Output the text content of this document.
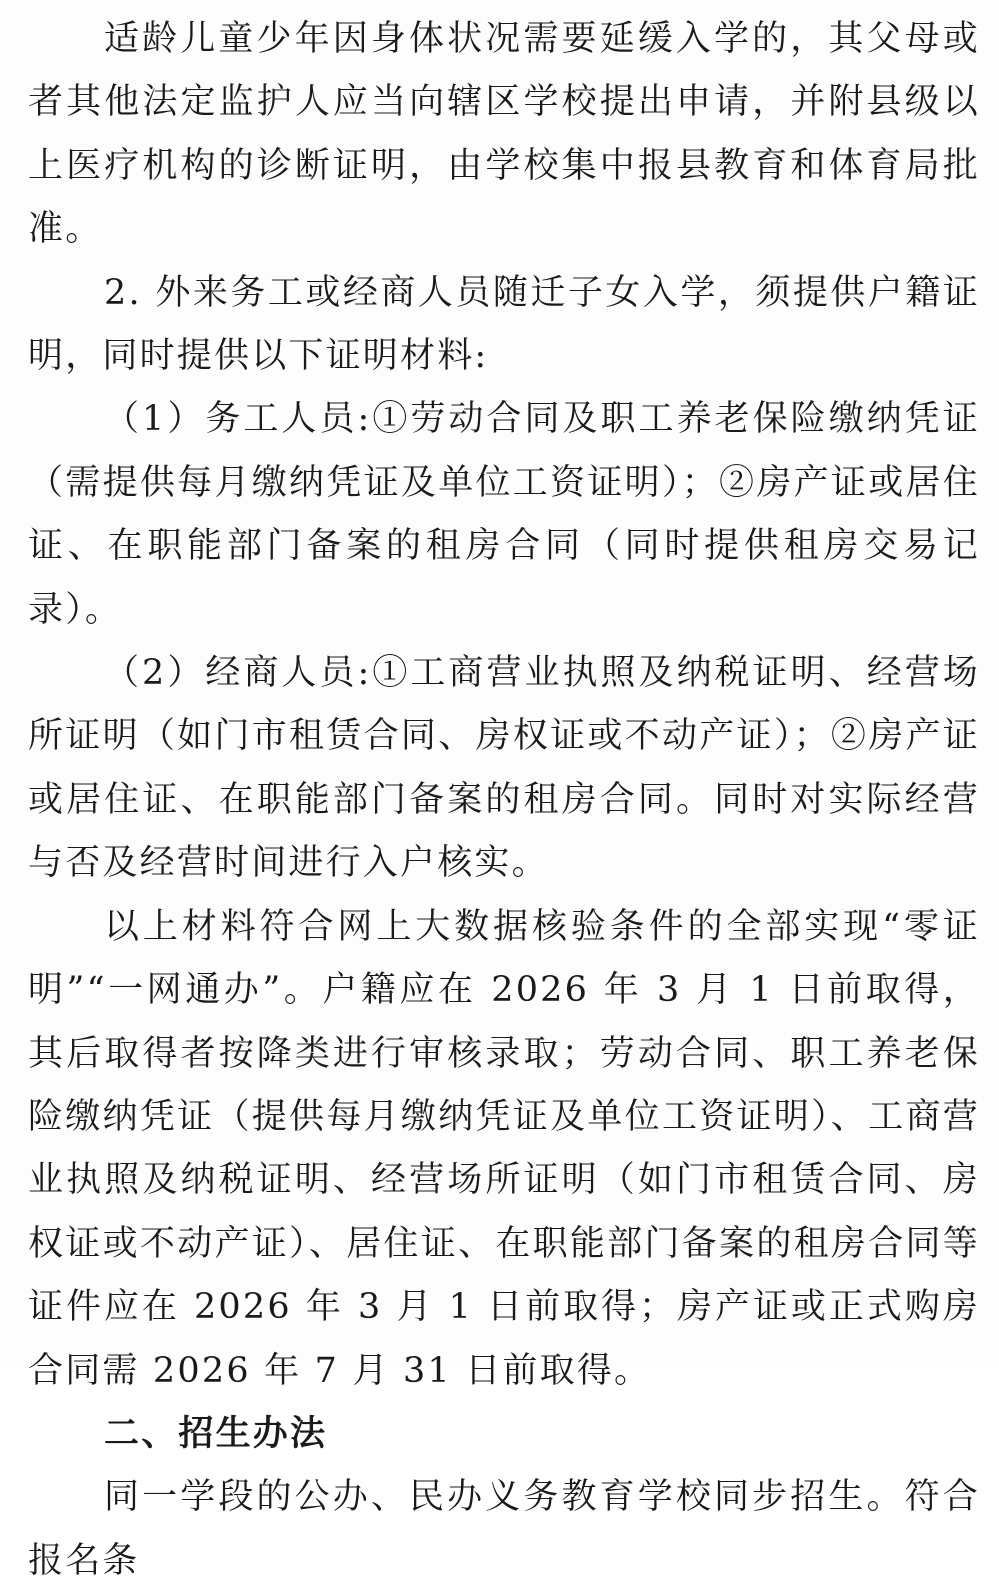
适龄儿童少年因身体状况需要延缓入学的，其父母或者其他法定监护人应当向辖区学校提出申请，并附县级以上医疗机构的诊断证明，由学校集中报县教育和体育局批准。

2. 外来务工或经商人员随迁子女入学，须提供户籍证明，同时提供以下证明材料:

（1）务工人员:①劳动合同及职工养老保险缴纳凭证（需提供每月缴纳凭证及单位工资证明）；②房产证或居住证、在职能部门备案的租房合同（同时提供租房交易记录）。

（2）经商人员:①工商营业执照及纳税证明、经营场所证明（如门市租赁合同、房权证或不动产证）；②房产证或居住证、在职能部门备案的租房合同。同时对实际经营与否及经营时间进行入户核实。

以上材料符合网上大数据核验条件的全部实现“零证明”“一网通办”。户籍应在 2026 年 3 月 1 日前取得，其后取得者按降类进行审核录取；劳动合同、职工养老保险缴纳凭证（提供每月缴纳凭证及单位工资证明）、工商营业执照及纳税证明、经营场所证明（如门市租赁合同、房权证或不动产证）、居住证、在职能部门备案的租房合同等证件应在 2026 年 3 月 1 日前取得；房产证或正式购房合同需 2026 年 7 月 31 日前取得。

二、招生办法

同一学段的公办、民办义务教育学校同步招生。符合报名条
